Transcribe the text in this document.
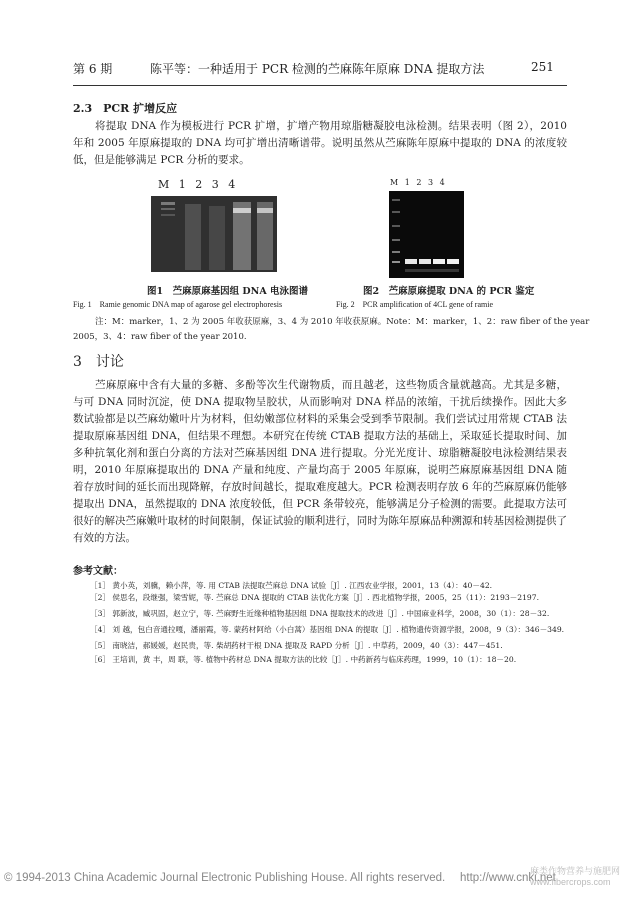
第 6 期	陈平等：一种适用于 PCR 检测的苎麻陈年原麻 DNA 提取方法	251
2.3　PCR 扩增反应

将提取 DNA 作为模板进行 PCR 扩增，扩增产物用琼脂糖凝胶电泳检测。结果表明（图 2），2010 年和 2005 年原麻提取的 DNA 均可扩增出清晰谱带。说明虽然从苎麻陈年原麻中提取的 DNA 的浓度较低，但是能够满足 PCR 分析的要求。

M 1 2 3 4
图1　苎麻原麻基因组 DNA 电泳图谱
Fig. 1　Ramie genomic DNA map of agarose gel electrophoresis
M 1 2 3 4
图2　苎麻原麻提取 DNA 的 PCR 鉴定
Fig. 2　PCR amplification of 4CL gene of ramie
注：M：marker，1、2 为 2005 年收获原麻，3、4 为 2010 年收获原麻。Note：M：marker，1、2：raw fiber of the year
2005，3、4：raw fiber of the year 2010.
3　讨论

苎麻原麻中含有大量的多糖、多酚等次生代谢物质，而且越老，这些物质含量就越高。尤其是多糖，与可 DNA 同时沉淀，使 DNA 提取物呈胶状，从而影响对 DNA 样品的浓缩，干扰后续操作。因此大多数试验都是以苎麻幼嫩叶片为材料，但幼嫩部位材料的采集会受到季节限制。我们尝试过用常规 CTAB 法提取原麻基因组 DNA，但结果不理想。本研究在传统 CTAB 提取方法的基础上，采取延长提取时间、加多种抗氧化剂和蛋白分离的方法对苎麻基因组 DNA 进行提取。分光光度计、琼脂糖凝胶电泳检测结果表明，2010 年原麻提取出的 DNA 产量和纯度、产量均高于 2005 年原麻，说明苎麻原麻基因组 DNA 随着存放时间的延长而出现降解，存放时间越长，提取难度越大。PCR 检测表明存放 6 年的苎麻原麻仍能够提取出 DNA，虽然提取的 DNA 浓度较低，但 PCR 条带较亮，能够满足分子检测的需要。此提取方法可很好的解决苎麻嫩叶取材的时间限制，保证试验的顺利进行，同时为陈年原麻品种溯源和转基因检测提供了有效的方法。

参考文献：
［1］ 黄小英，刘骥，赖小萍，等. 用 CTAB 法提取苎麻总 DNA 试验［J］. 江西农业学报，2001，13（4）：40－42.
［2］ 侯思名，段继强，梁雪妮，等. 苎麻总 DNA 提取的 CTAB 法优化方案［J］. 西北植物学报，2005，25（11）：2193－2197.
［3］ 郭新波，臧巩固，赵立宁，等. 苎麻野生近缘种植物基因组 DNA 提取技术的改进［J］. 中国麻业科学，2008，30（1）：28－32.
［4］ 刘 越，包白音通拉嘎，潘丽霞，等. 蒙药材阿给（小白蒿）基因组 DNA 的提取［J］. 植物遗传资源学报，2008，9（3）：346－349.
［5］ 南晓洁，郝媛媛，赵民贵，等. 柴胡药材干根 DNA 提取及 RAPD 分析［J］. 中草药，2009，40（3）：447－451.
［6］ 王培训，黄 丰，周 联，等. 植物中药材总 DNA 提取方法的比较［J］. 中药新药与临床药理，1999，10（1）：18－20.
© 1994-2013 China Academic Journal Electronic Publishing House. All rights reserved. http://www.cnki.net
麻类作物营养与施肥网 www.fibercrops.com
